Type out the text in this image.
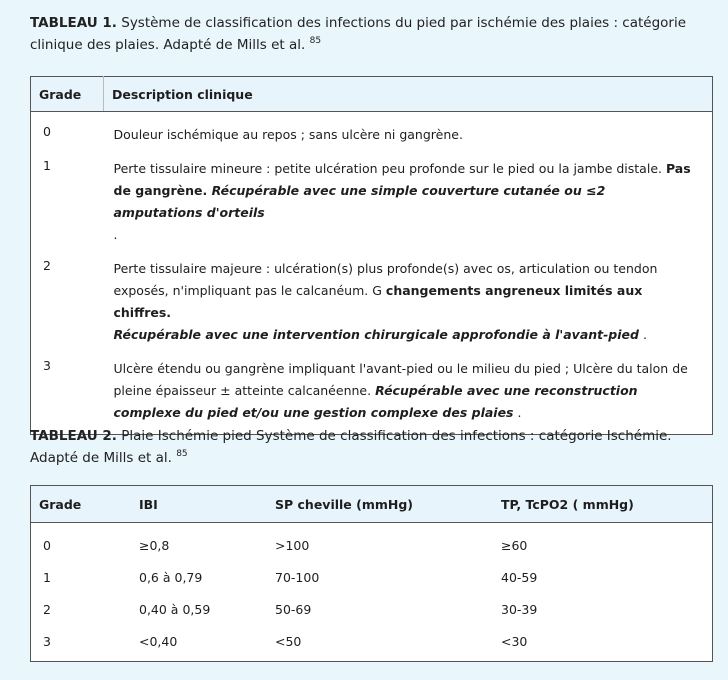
TABLEAU 1. Système de classification des infections du pied par ischémie des plaies : catégorie clinique des plaies. Adapté de Mills et al. $^{85}$
Grade	Description clinique
0	Douleur ischémique au repos ; sans ulcère ni gangrène.
1	Perte tissulaire mineure : petite ulcération peu profonde sur le pied ou la jambe distale. Pas de gangrène. Récupérable avec une simple couverture cutanée ou ≤2 amputations d'orteils
.
2	Perte tissulaire majeure : ulcération(s) plus profonde(s) avec os, articulation ou tendon exposés, n'impliquant pas le calcanéum. G changements angreneux limités aux chiffres.
Récupérable avec une intervention chirurgicale approfondie à l'avant-pied .
3	Ulcère étendu ou gangrène impliquant l'avant-pied ou le milieu du pied ; Ulcère du talon de pleine épaisseur ± atteinte calcanéenne. Récupérable avec une reconstruction complexe du pied et/ou une gestion complexe des plaies .
TABLEAU 2. Plaie Ischémie pied Système de classification des infections : catégorie Ischémie. Adapté de Mills et al. $^{85}$
Grade	IBI	SP cheville (mmHg)	TP, TcPO2 ( mmHg)
0	≥0,8	>100	≥60
1	0,6 à 0,79	70-100	40-59
2	0,40 à 0,59	50-69	30-39
3	<0,40	<50	<30
